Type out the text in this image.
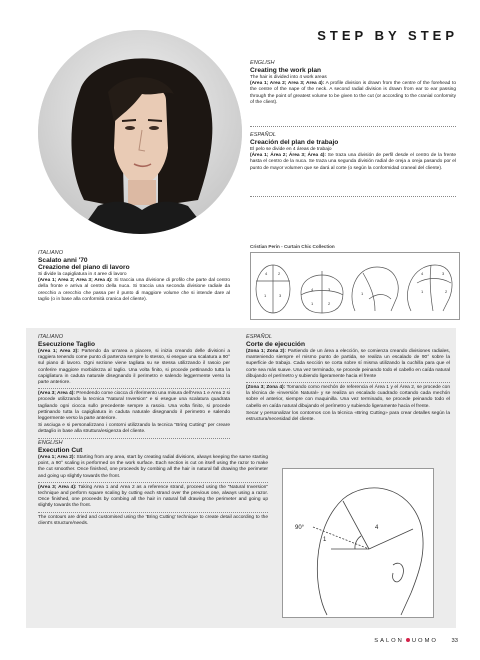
STEP BY STEP
ENGLISH
Creating the work plan

The hair is divided into 4 work areas
(Area 1; Area 2; Area 3; Area 4): A profile division is drawn from the centre of the forehead to the centre of the nape of the neck. A second radial division is drawn from ear to ear passing through the point of greatest volume to be given to the cut (or according to the cranial conformity of the client).

ESPAÑOL
Creación del plan de trabajo

El pelo se divide en 4 áreas de trabajo
(Área 1; Área 2; Área 3; Área 4): Se traza una división de perfil desde el centro de la frente hasta el centro de la nuca. Se traza una segunda división radial de oreja a oreja pasando por el punto de mayor volumen que se dará al corte (o según la conformidad craneal del cliente).

Cristian Perin - Curtain Chic Collection
ITALIANO
Scalato anni '70
Creazione del piano di lavoro

Si divide la capigliatura in 4 aree di lavoro
(Area 1; Area 2; Area 3; Area 4): Si traccia una divisione di profilo che parte dal centro della fronte e arriva al centro della nuca. Si traccia una seconda divisione radiale da orecchio a orecchio che passa per il punto di maggiore volume che si intende dare al taglio (o in base alla conformità cranica del cliente).

4	2
1	3
4	3
1	2
1
4	3
1	2
ITALIANO
Esecuzione Taglio

(Area 1; Area 2): Partendo da un'area a piacere, si inizia creando delle divisioni a raggiera tenendo come punto di partenza sempre lo stesso, si esegue una scalatura a 90° sul piano di lavoro. Ogni sezione viene tagliata su se stessa utilizzando il rasoio per conferire maggiore morbidezza al taglio. Una volta finito, si procede pettinando tutta la capigliatura in caduta naturale disegnando il perimetro e salendo leggermente verso la parte anteriore.

(Area 3; Area 4): Prendendo come ciocca di riferimento una misura dell'Area 1 e Area 2 si procede utilizzando la tecnica "Natural Inversion" e si esegue una scalatura quadrata tagliando ogni ciocca sullo precedente sempre a rasoio. Una volta finito, si procede pettinando tutta la capigliatura in caduta naturale disegnando il perimetro e salendo leggermente verso la parte anteriore.

Si asciuga e si personalizzano i contorni utilizzando la tecnica "Bring Cutting" per creare dettaglio in base alla struttura/esigenza del cliente.

ESPAÑOL
Corte de ejecución

(Zona 1; Zona 2): Partiendo de un área a elección, se comienza creando divisiones radiales, manteniendo siempre el mismo punto de partida, se realiza un escalado de 90° sobre la superficie de trabajo. Cada sección se corta sobre sí misma utilizando la cuchilla para que el corte sea más suave. Una vez terminado, se procede peinando todo el cabello en caída natural dibujando el perímetro y subiendo ligeramente hacia el frente

(Zona 3; Zona 4): Tomando como mechón de referencia el Área 1 y el Área 2, se procede con la técnica de «inversión Natural» y se realiza un escalado cuadrado cortando cada mechón sobre el anterior, siempre con maquinilla. Una vez terminado, se procede peinando todo el cabello en caída natural dibujando el perímetro y subiendo ligeramente hacia el frente.

Secar y personalizar los contornos con la técnica «Bring Cutting» para crear detalles según la estructura/necesidad del cliente.

ENGLISH
Execution Cut

(Area 1; Area 2): Starting from any area, start by creating radial divisions, always keeping the same starting point, a 90° scaling is performed on the work surface. Each section is cut on itself using the razor to make the cut smoother. Once finished, one proceeds by combing all the hair in natural fall drawing the perimeter and going up slightly towards the front.

(Area 3; Area 4): Taking Area 1 and Area 2 as a reference strand, proceed using the "Natural Inversion" technique and perform square scaling by cutting each strand over the previous one, always using a razor. Once finished, one proceeds by combing all the hair in natural fall drawing the perimeter and going up slightly towards the front.

The contours are dried and customised using the 'Bring Cutting' technique to create detail according to the client's structure/needs.

90°	4
1
SALON UOMO 33
